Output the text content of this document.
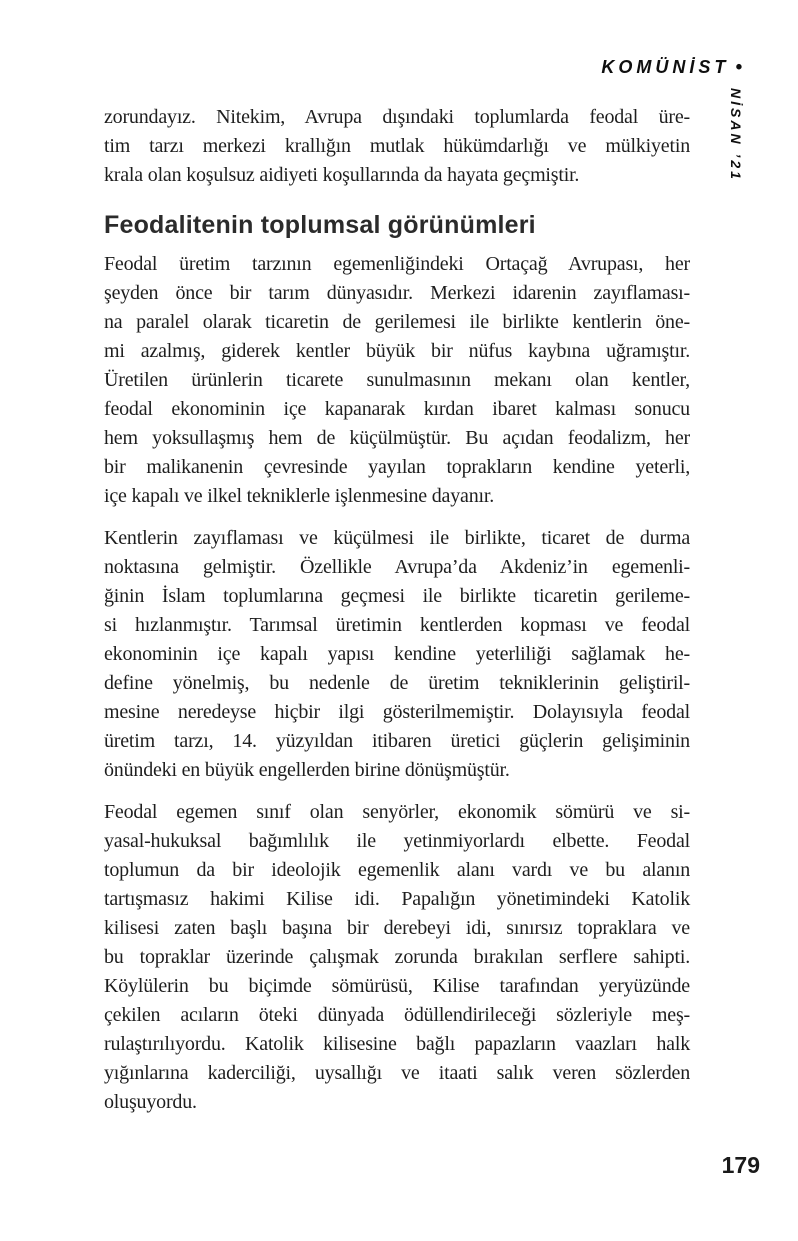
KOMÜNİST •
NİSAN ’21
zorundayız. Nitekim, Avrupa dışındaki toplumlarda feodal üre-
tim tarzı merkezi krallığın mutlak hükümdarlığı ve mülkiyetin
krala olan koşulsuz aidiyeti koşullarında da hayata geçmiştir.
Feodalitenin toplumsal görünümleri
Feodal üretim tarzının egemenliğindeki Ortaçağ Avrupası, her
şeyden önce bir tarım dünyasıdır. Merkezi idarenin zayıflaması-
na paralel olarak ticaretin de gerilemesi ile birlikte kentlerin öne-
mi azalmış, giderek kentler büyük bir nüfus kaybına uğramıştır.
Üretilen ürünlerin ticarete sunulmasının mekanı olan kentler,
feodal ekonominin içe kapanarak kırdan ibaret kalması sonucu
hem yoksullaşmış hem de küçülmüştür. Bu açıdan feodalizm, her
bir malikanenin çevresinde yayılan toprakların kendine yeterli,
içe kapalı ve ilkel tekniklerle işlenmesine dayanır.
Kentlerin zayıflaması ve küçülmesi ile birlikte, ticaret de durma
noktasına gelmiştir. Özellikle Avrupa’da Akdeniz’in egemenli-
ğinin İslam toplumlarına geçmesi ile birlikte ticaretin gerileme-
si hızlanmıştır. Tarımsal üretimin kentlerden kopması ve feodal
ekonominin içe kapalı yapısı kendine yeterliliği sağlamak he-
define yönelmiş, bu nedenle de üretim tekniklerinin geliştiril-
mesine neredeyse hiçbir ilgi gösterilmemiştir. Dolayısıyla feodal
üretim tarzı, 14. yüzyıldan itibaren üretici güçlerin gelişiminin
önündeki en büyük engellerden birine dönüşmüştür.
Feodal egemen sınıf olan senyörler, ekonomik sömürü ve si-
yasal-hukuksal bağımlılık ile yetinmiyorlardı elbette. Feodal
toplumun da bir ideolojik egemenlik alanı vardı ve bu alanın
tartışmasız hakimi Kilise idi. Papalığın yönetimindeki Katolik
kilisesi zaten başlı başına bir derebeyi idi, sınırsız topraklara ve
bu topraklar üzerinde çalışmak zorunda bırakılan serflere sahipti.
Köylülerin bu biçimde sömürüsü, Kilise tarafından yeryüzünde
çekilen acıların öteki dünyada ödüllendirileceği sözleriyle meş-
rulaştırılıyordu. Katolik kilisesine bağlı papazların vaazları halk
yığınlarına kaderciliği, uysallığı ve itaati salık veren sözlerden
oluşuyordu.
179
